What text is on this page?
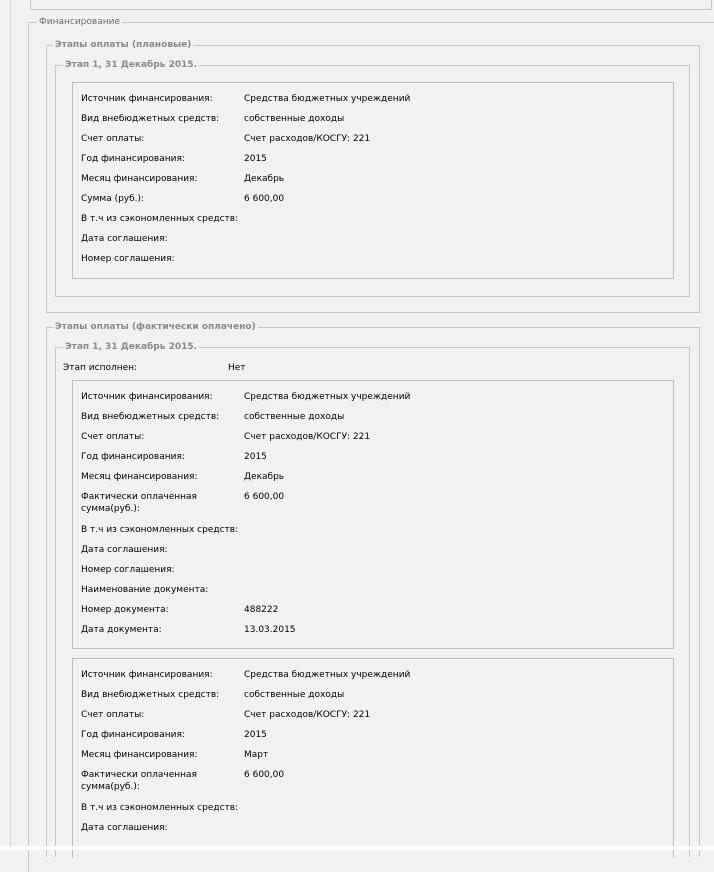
Финансирование
Этапы оплаты (плановые)
Этап 1, 31 Декабрь 2015.
Источник финансирования:	Средства бюджетных учреждений
Вид внебюджетных средств:	собственные доходы
Счет оплаты:	Счет расходов/КОСГУ: 221
Год финансирования:	2015
Месяц финансирования:	Декабрь
Сумма (руб.):	6 600,00
В т.ч из сэкономленных средств:
Дата соглашения:
Номер соглашения:
Этапы оплаты (фактически оплачено)
Этап 1, 31 Декабрь 2015.
Этап исполнен:	Нет
Источник финансирования:	Средства бюджетных учреждений
Вид внебюджетных средств:	собственные доходы
Счет оплаты:	Счет расходов/КОСГУ: 221
Год финансирования:	2015
Месяц финансирования:	Декабрь
Фактически оплаченная сумма(руб.):
6 600,00
В т.ч из сэкономленных средств:
Дата соглашения:
Номер соглашения:
Наименование документа:
Номер документа:	488222
Дата документа:	13.03.2015
Источник финансирования:	Средства бюджетных учреждений
Вид внебюджетных средств:	собственные доходы
Счет оплаты:	Счет расходов/КОСГУ: 221
Год финансирования:	2015
Месяц финансирования:	Март
Фактически оплаченная сумма(руб.):
6 600,00
В т.ч из сэкономленных средств:
Дата соглашения:
